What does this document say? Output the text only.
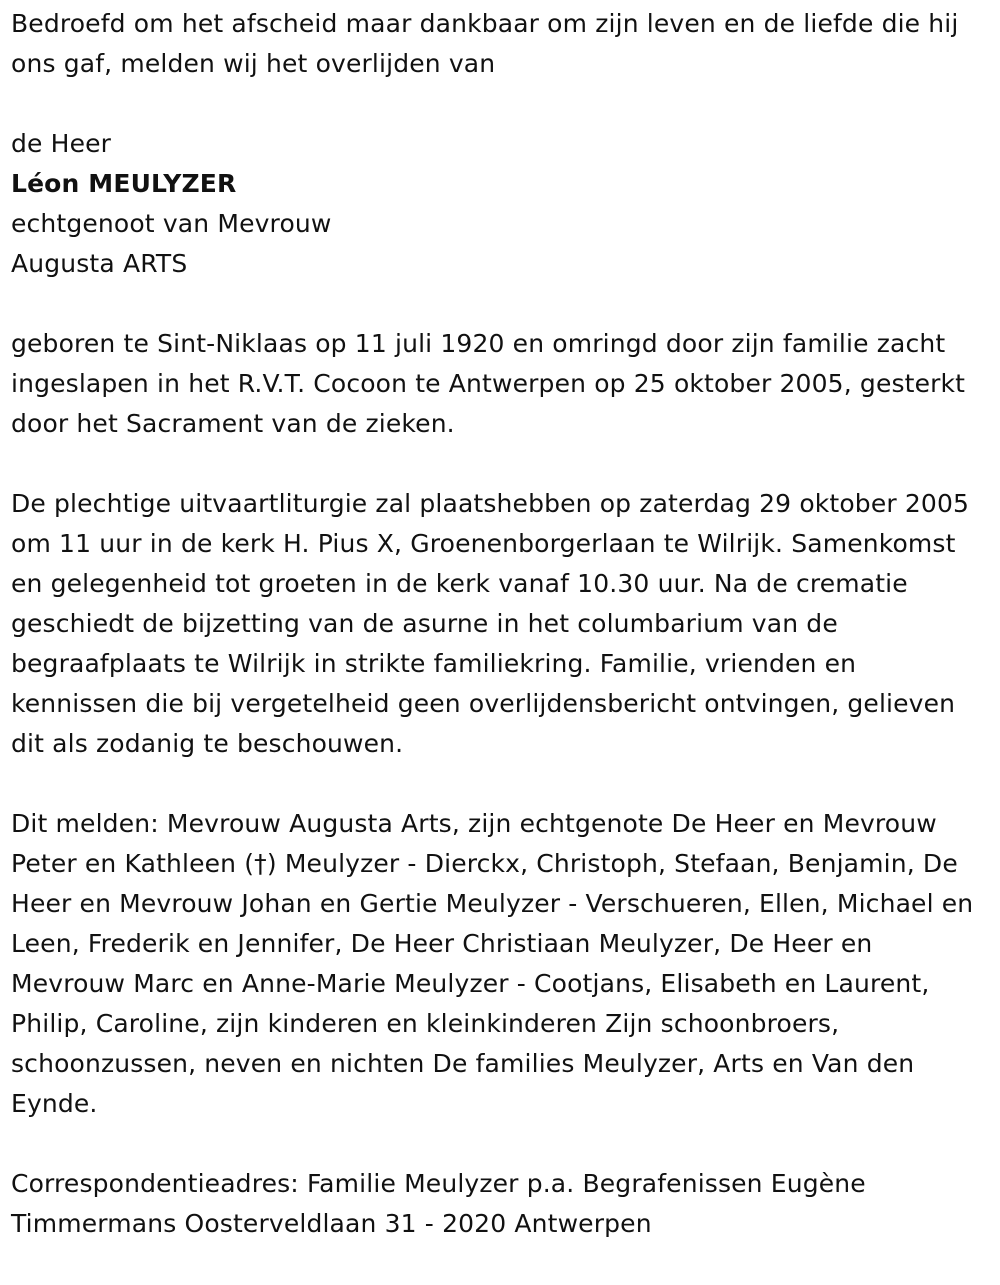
Bedroefd om het afscheid maar dankbaar om zijn leven en de liefde die hij ons gaf, melden wij het overlijden van

de Heer

Léon MEULYZER

echtgenoot van Mevrouw

Augusta ARTS

geboren te Sint-Niklaas op 11 juli 1920 en omringd door zijn familie zacht ingeslapen in het R.V.T. Cocoon te Antwerpen op 25 oktober 2005, gesterkt door het Sacrament van de zieken.

De plechtige uitvaartliturgie zal plaatshebben op zaterdag 29 oktober 2005 om 11 uur in de kerk H. Pius X, Groenenborgerlaan te Wilrijk. Samenkomst en gelegenheid tot groeten in de kerk vanaf 10.30 uur. Na de crematie geschiedt de bijzetting van de asurne in het columbarium van de begraafplaats te Wilrijk in strikte familiekring. Familie, vrienden en kennissen die bij vergetelheid geen overlijdensbericht ontvingen, gelieven dit als zodanig te beschouwen.

Dit melden: Mevrouw Augusta Arts, zijn echtgenote De Heer en Mevrouw Peter en Kathleen (†) Meulyzer - Dierckx, Christoph, Stefaan, Benjamin, De Heer en Mevrouw Johan en Gertie Meulyzer - Verschueren, Ellen, Michael en Leen, Frederik en Jennifer, De Heer Christiaan Meulyzer, De Heer en Mevrouw Marc en Anne-Marie Meulyzer - Cootjans, Elisabeth en Laurent, Philip, Caroline, zijn kinderen en kleinkinderen Zijn schoonbroers, schoonzussen, neven en nichten De families Meulyzer, Arts en Van den Eynde.

Correspondentieadres: Familie Meulyzer p.a. Begrafenissen Eugène Timmermans Oosterveldlaan 31 - 2020 Antwerpen
